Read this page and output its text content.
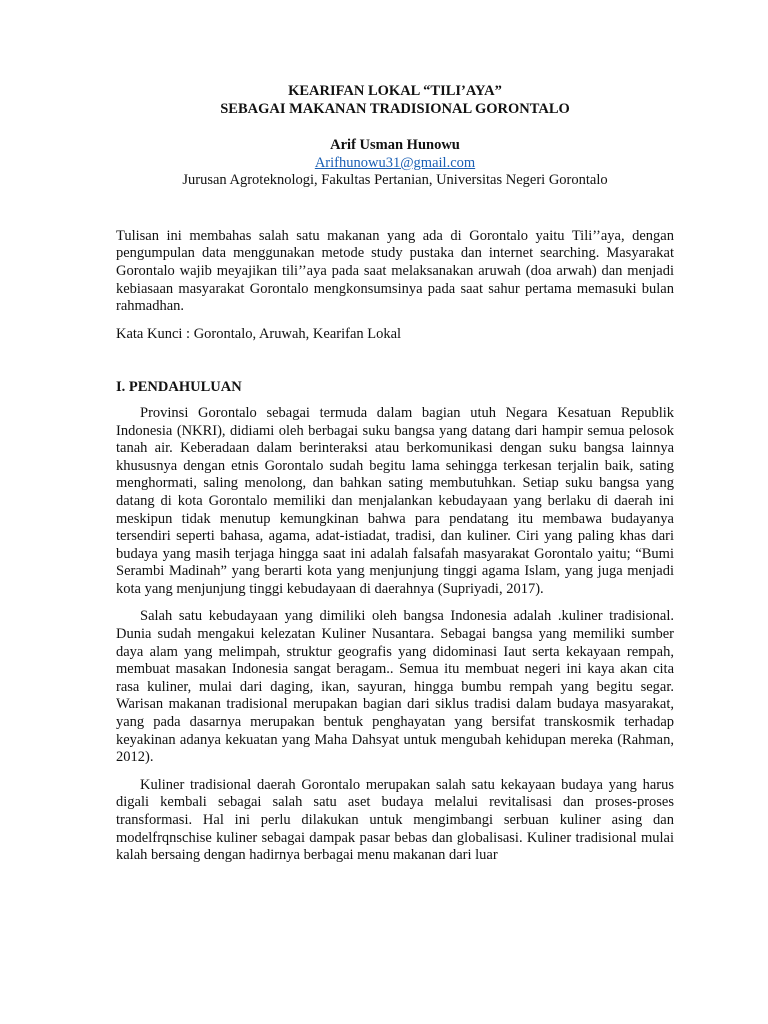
KEARIFAN LOKAL “TILI’AYA”

SEBAGAI MAKANAN TRADISIONAL GORONTALO

Arif Usman Hunowu

Arifhunowu31@gmail.com

Jurusan Agroteknologi, Fakultas Pertanian, Universitas Negeri Gorontalo

Tulisan ini membahas salah satu makanan yang ada di Gorontalo yaitu Tili’’aya, dengan pengumpulan data menggunakan metode study pustaka dan internet searching. Masyarakat Gorontalo wajib meyajikan tili’’aya pada saat melaksanakan aruwah (doa arwah) dan menjadi kebiasaan masyarakat Gorontalo mengkonsumsinya pada saat sahur pertama memasuki bulan rahmadhan.

Kata Kunci : Gorontalo, Aruwah, Kearifan Lokal

I. PENDAHULUAN

Provinsi Gorontalo sebagai termuda dalam bagian utuh Negara Kesatuan Republik Indonesia (NKRI), didiami oleh berbagai suku bangsa yang datang dari hampir semua pelosok tanah air. Keberadaan dalam berinteraksi atau berkomunikasi dengan suku bangsa lainnya khususnya dengan etnis Gorontalo sudah begitu lama sehingga terkesan terjalin baik, sating menghormati, saling menolong, dan bahkan sating membutuhkan. Setiap suku bangsa yang datang di kota Gorontalo memiliki dan menjalankan kebudayaan yang berlaku di daerah ini meskipun tidak menutup kemungkinan bahwa para pendatang itu membawa budayanya tersendiri seperti bahasa, agama, adat-istiadat, tradisi, dan kuliner. Ciri yang paling khas dari budaya yang masih terjaga hingga saat ini adalah falsafah masyarakat Gorontalo yaitu; “Bumi Serambi Madinah” yang berarti kota yang menjunjung tinggi agama Islam, yang juga menjadi kota yang menjunjung tinggi kebudayaan di daerahnya (Supriyadi, 2017).

Salah satu kebudayaan yang dimiliki oleh bangsa Indonesia adalah .kuliner tradisional. Dunia sudah mengakui kelezatan Kuliner Nusantara. Sebagai bangsa yang memiliki sumber daya alam yang melimpah, struktur geografis yang didominasi Iaut serta kekayaan rempah, membuat masakan Indonesia sangat beragam.. Semua itu membuat negeri ini kaya akan cita rasa kuliner, mulai dari daging, ikan, sayuran, hingga bumbu rempah yang begitu segar. Warisan makanan tradisional merupakan bagian dari siklus tradisi dalam budaya masyarakat, yang pada dasarnya merupakan bentuk penghayatan yang bersifat transkosmik terhadap keyakinan adanya kekuatan yang Maha Dahsyat untuk mengubah kehidupan mereka (Rahman, 2012).

Kuliner tradisional daerah Gorontalo merupakan salah satu kekayaan budaya yang harus digali kembali sebagai salah satu aset budaya melalui revitalisasi dan proses-proses transformasi. Hal ini perlu dilakukan untuk mengimbangi serbuan kuliner asing dan modelfrqnschise kuliner sebagai dampak pasar bebas dan globalisasi. Kuliner tradisional mulai kalah bersaing dengan hadirnya berbagai menu makanan dari luar
